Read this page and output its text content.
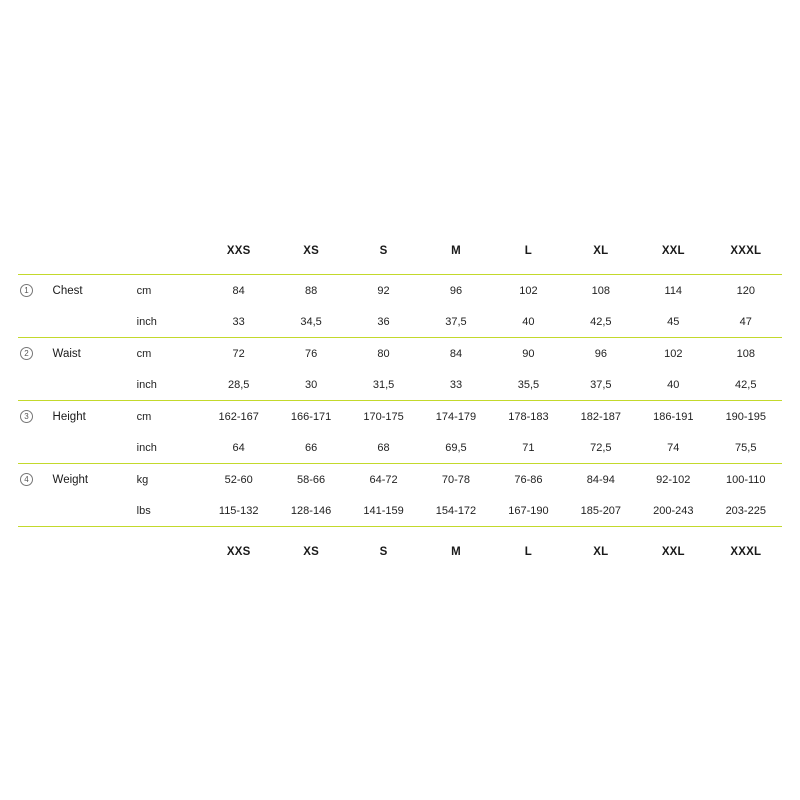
			XXS	XS	S	M	L	XL	XXL	XXXL
1	Chest	cm	84	88	92	96	102	108	114	120
		inch	33	34,5	36	37,5	40	42,5	45	47
2	Waist	cm	72	76	80	84	90	96	102	108
		inch	28,5	30	31,5	33	35,5	37,5	40	42,5
3	Height	cm	162-167	166-171	170-175	174-179	178-183	182-187	186-191	190-195
		inch	64	66	68	69,5	71	72,5	74	75,5
4	Weight	kg	52-60	58-66	64-72	70-78	76-86	84-94	92-102	100-110
		lbs	115-132	128-146	141-159	154-172	167-190	185-207	200-243	203-225
			XXS	XS	S	M	L	XL	XXL	XXXL
